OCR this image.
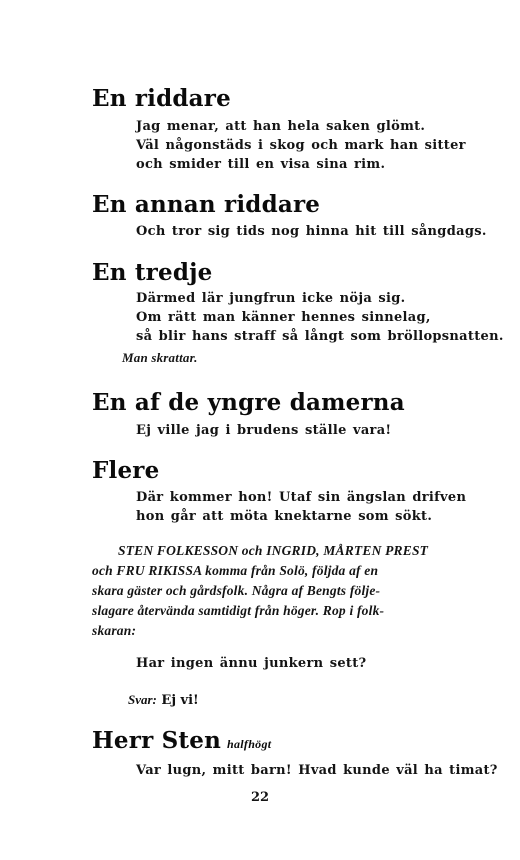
En riddare
Jag menar, att han hela saken glömt.
Väl någonstäds i skog och mark han sitter
och smider till en visa sina rim.
En annan riddare
Och tror sig tids nog hinna hit till sångdags.
En tredje
Därmed lär jungfrun icke nöja sig.
Om rätt man känner hennes sinnelag,
så blir hans straff så långt som bröllopsnatten.
Man skrattar.
En af de yngre damerna
Ej ville jag i brudens ställe vara!
Flere
Där kommer hon! Utaf sin ängslan drifven
hon går att möta knektarne som sökt.

STEN FOLKESSON och INGRID, MÅRTEN PREST

och FRU RIKISSA komma från Solö, följda af en

skara gäster och gårdsfolk. Några af Bengts följe-

slagare återvända samtidigt från höger. Rop i folk-

skaran:

Har ingen ännu junkern sett?
Svar: Ej vi!
Herr Sten halfhögt
Var lugn, mitt barn! Hvad kunde väl ha timat?
22
